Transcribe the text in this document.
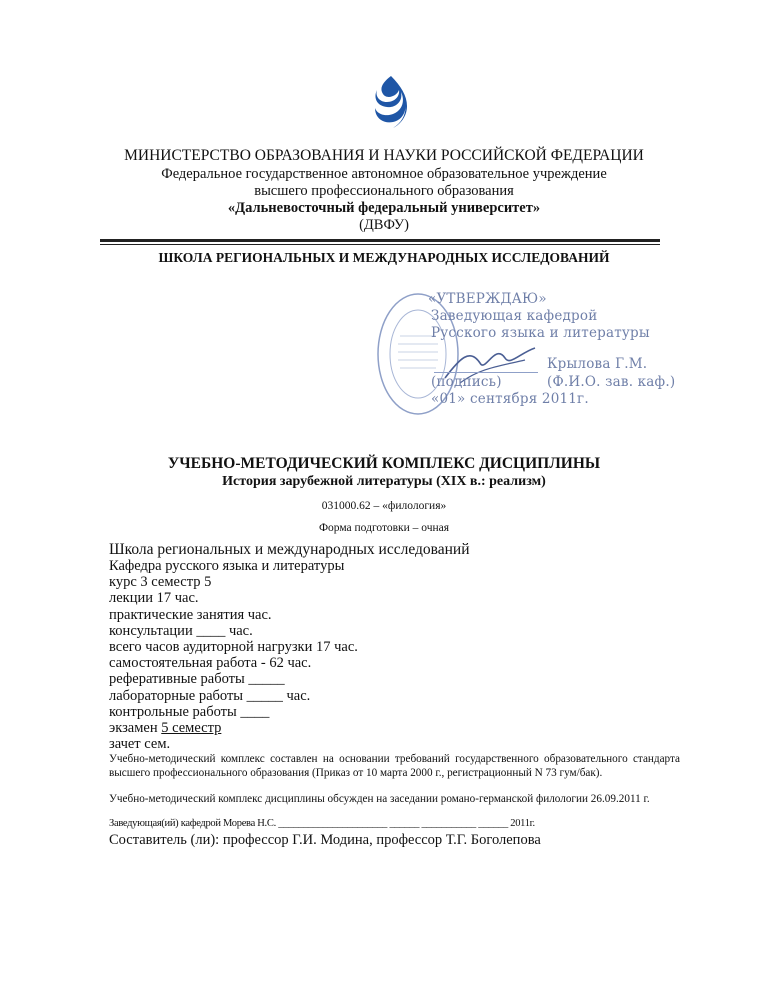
МИНИСТЕРСТВО ОБРАЗОВАНИЯ И НАУКИ РОССИЙСКОЙ ФЕДЕРАЦИИ
Федеральное государственное автономное образовательное учреждение
высшего профессионального образования
«Дальневосточный федеральный университет»
(ДВФУ)
ШКОЛА РЕГИОНАЛЬНЫХ И МЕЖДУНАРОДНЫХ ИССЛЕДОВАНИЙ
«УТВЕРЖДАЮ»
Заведующая кафедрой
Русского языка и литературы
Крылова Г.М.
(подпись)	(Ф.И.О. зав. каф.)
«01» сентября 2011г.
УЧЕБНО-МЕТОДИЧЕСКИЙ КОМПЛЕКС ДИСЦИПЛИНЫ
История зарубежной литературы (XIX в.: реализм)
031000.62 – «филология»
Форма подготовки – очная
Школа региональных и международных исследований
Кафедра русского языка и литературы
курс 3 семестр 5
лекции 17 час.
практические занятия час.
консультации ____ час.
всего часов аудиторной нагрузки 17 час.
самостоятельная работа - 62 час.
реферативные работы _____
лабораторные работы _____ час.
контрольные работы ____
экзамен 5 семестр
зачет сем.
Учебно-методический комплекс составлен на основании требований государственного образовательного стандарта высшего профессионального образования (Приказ от 10 марта 2000 г., регистрационный N 73 гум/бак).
Учебно-методический комплекс дисциплины обсужден на заседании романо-германской филологии 26.09.2011 г.
Заведующая(ий) кафедрой Морева Н.С. ______________________ ______ ___________ ______ 2011г.
Составитель (ли): профессор Г.И. Модина, профессор Т.Г. Боголепова
